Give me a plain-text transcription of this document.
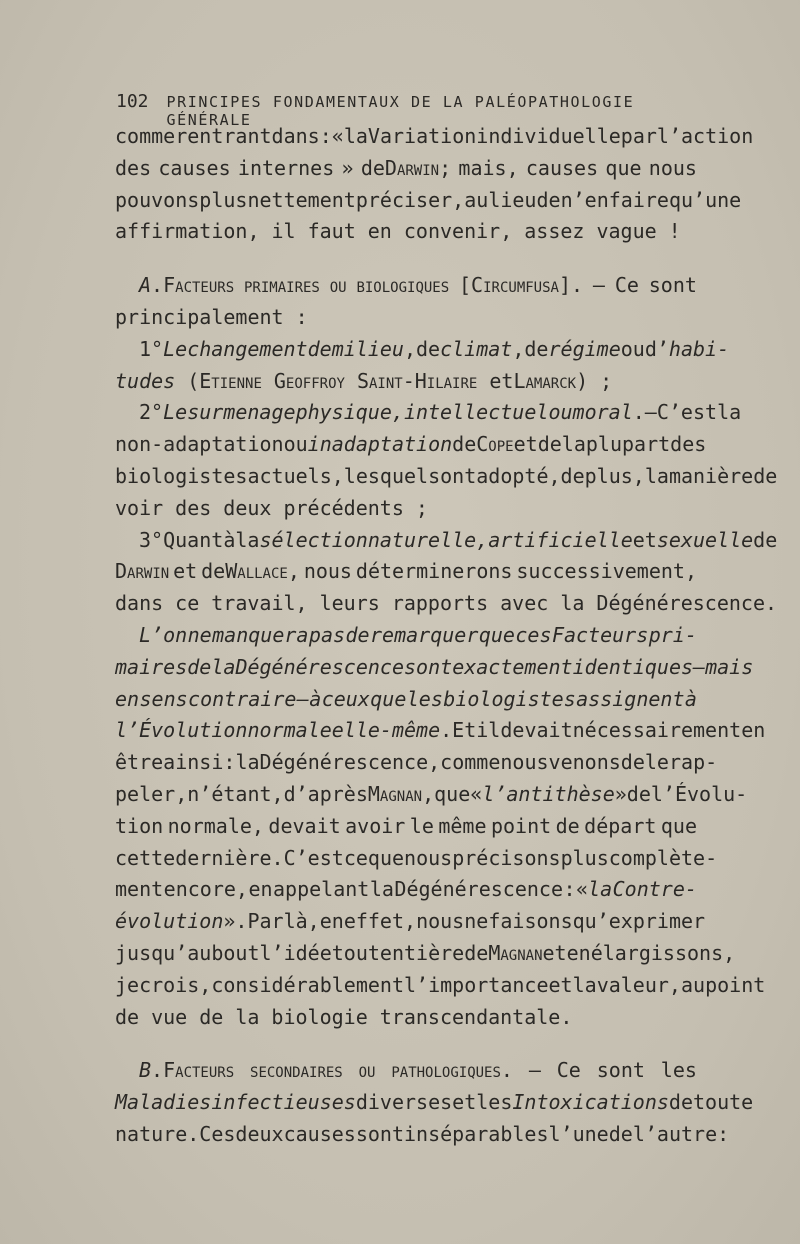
102 PRINCIPES FONDAMENTAUX DE LA PALÉOPATHOLOGIE GÉNÉRALE
comme rentrant dans : « la Variation individuelle par l’action
des causes internes » deDarwin; mais, causes que nous
pouvons plus nettement préciser, au lieu de n’en faire qu’une
affirmation, il faut en convenir, assez vague !
A.Facteurs primaires ou biologiques [Circumfusa]. — Ce sont
principalement :
1°Le changement de milieu, declimat, derégime ou d’habi-
tudes (Etienne Geoffroy Saint-Hilaire etLamarck) ;
2°Le surmenage physique, intellectuel ou moral. — C’est la
non-adaptation ouinadaptation deCope et de la plupart des
biologistes actuels, lesquels ont adopté, de plus, la manière de
voir des deux précédents ;
3° Quant à lasélection naturelle, artificielle etsexuelle de
Darwin et deWallace, nous déterminerons successivement,
dans ce travail, leurs rapports avec la Dégénérescence.
L’on ne manquera pas de remarquer que ces Facteurs pri-
maires de la Dégénérescence sont exactement identiques — mais
en sens contraire — à ceux que les biologistes assignent à
l’Évolution normale elle-même. Et il devait nécessairement en
être ainsi : la Dégénérescence, comme nous venons de le rap-
peler, n’étant, d’aprèsMagnan, que «l’antithèse » de l’Évolu-
tion normale, devait avoir le même point de départ que
cette dernière. C’est ce que nous précisons plus complète-
ment encore, en appelant la Dégénérescence : «la Contre-
évolution ». Par là, en effet, nous ne faisons qu’exprimer
jusqu’au bout l’idée tout entière deMagnan et en élargissons,
je crois, considérablement l’importance et la valeur, au point
de vue de la biologie transcendantale.
B.Facteurs secondaires ou pathologiques. — Ce sont les
Maladies infectieuses diverses et lesIntoxications de toute
nature. Ces deux causes sont inséparables l’une de l’autre :
